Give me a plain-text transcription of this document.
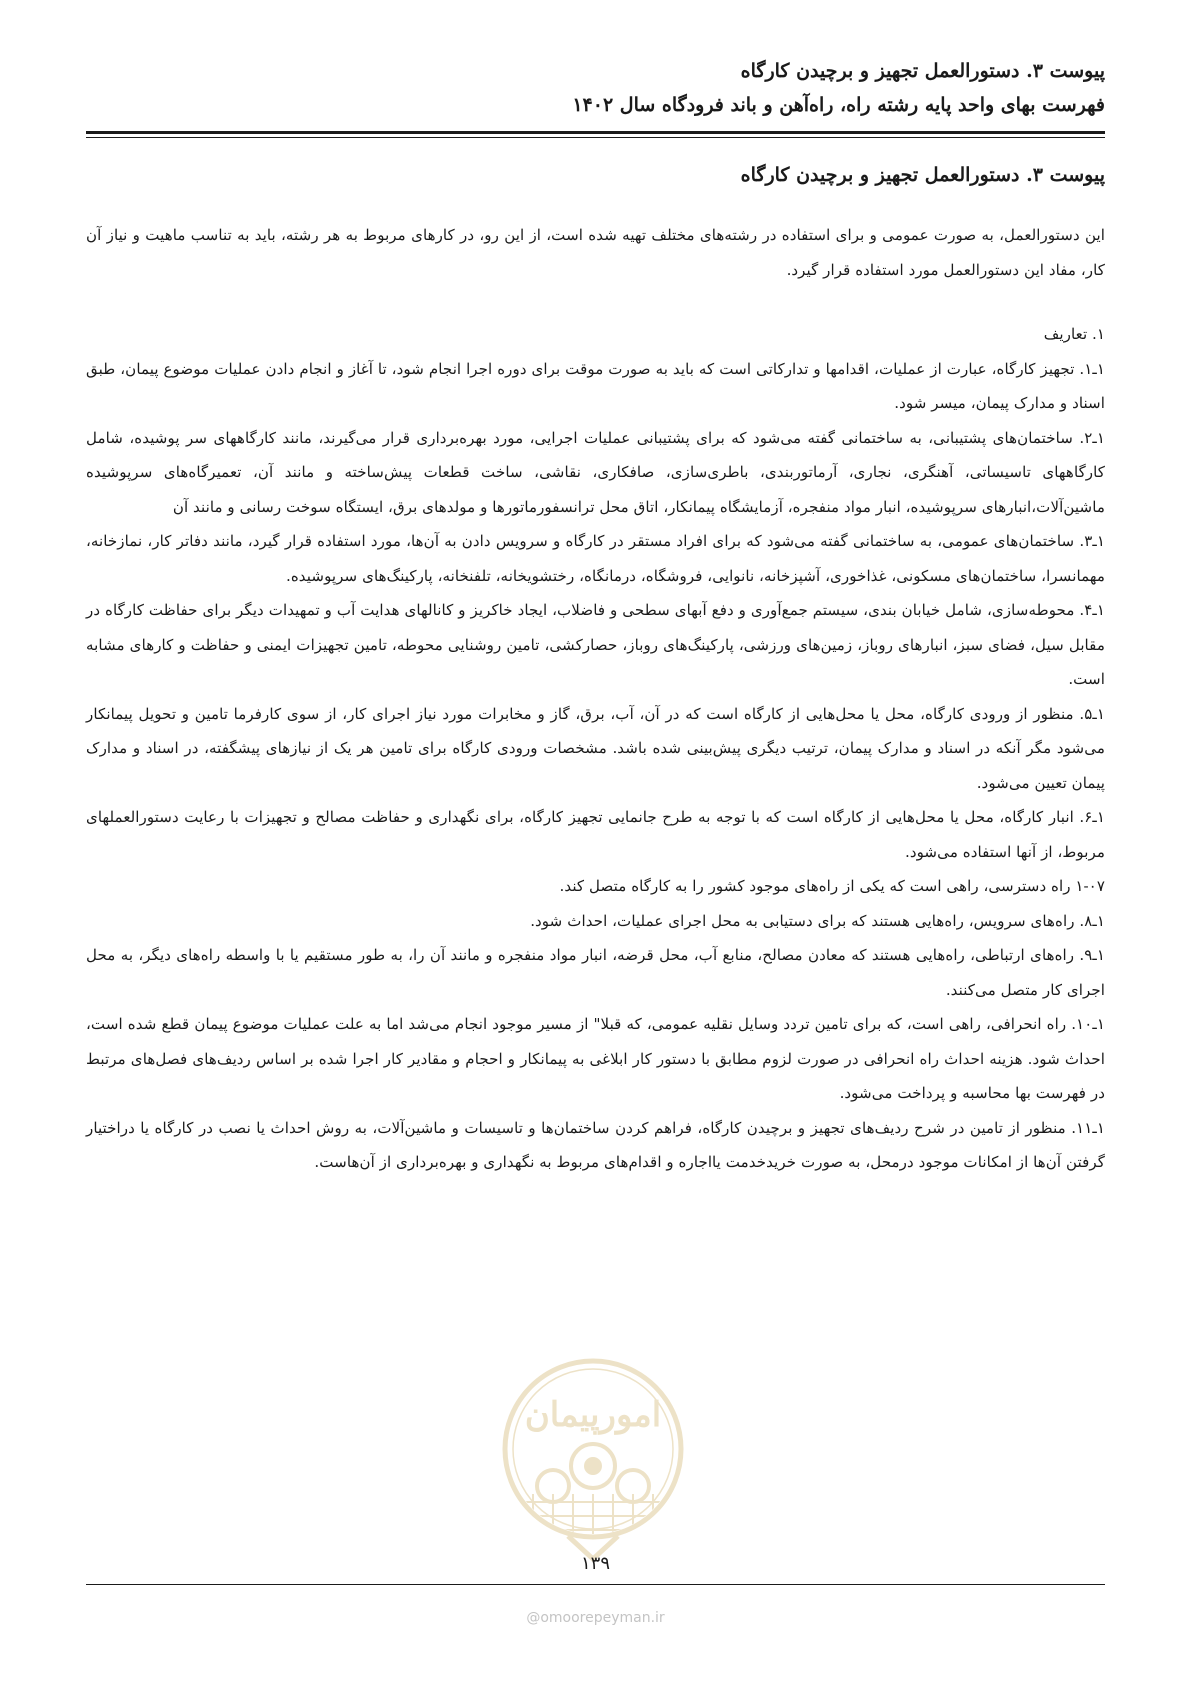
پیوست ۳. دستورالعمل تجهیز و برچیدن کارگاه
فهرست بهای واحد پایه رشته راه، راه‌آهن و باند فرودگاه سال ۱۴۰۲
پیوست ۳. دستورالعمل تجهیز و برچیدن کارگاه

این دستورالعمل، به صورت عمومی و برای استفاده در رشته‌های مختلف تهیه شده است، از این رو، در کارهای مربوط به هر رشته، باید به تناسب ماهیت و نیاز آن کار، مفاد این دستورالعمل مورد استفاده قرار گیرد.

۱. تعاریف

۱ـ۱. تجهیز کارگاه، عبارت از عملیات، اقدامها و تدارکاتی است که باید به صورت موقت برای دوره اجرا انجام شود، تا آغاز و انجام دادن عملیات موضوع پیمان، طبق اسناد و مدارک پیمان، میسر شود.

۱ـ۲. ساختمان‌های پشتیبانی، به ساختمانی گفته می‌شود که برای پشتیبانی عملیات اجرایی، مورد بهره‌برداری قرار می‌گیرند، مانند کارگاههای سر پوشیده، شامل کارگاههای تاسیساتی، آهنگری، نجاری، آرماتوربندی، باطری‌سازی، صافکاری، نقاشی، ساخت قطعات پیش‌ساخته و مانند آن، تعمیرگاه‌های سرپوشیده ماشین‌آلات،انبارهای سرپوشیده، انبار مواد منفجره، آزمایشگاه پیمانکار، اتاق محل ترانسفورماتورها و مولدهای برق، ایستگاه سوخت رسانی و مانند آن

۱ـ۳. ساختمان‌های عمومی، به ساختمانی گفته می‌شود که برای افراد مستقر در کارگاه و سرویس دادن به آن‌ها، مورد استفاده قرار گیرد، مانند دفاتر کار، نمازخانه، مهمانسرا، ساختمان‌های مسکونی، غذاخوری، آشپزخانه، نانوایی، فروشگاه، درمانگاه، رختشویخانه، تلفنخانه، پارکینگ‌های سرپوشیده.

۱ـ۴. محوطه‌سازی، شامل خیابان بندی، سیستم جمع‌آوری و دفع آبهای سطحی و فاضلاب، ایجاد خاکریز و کانالهای هدایت آب و تمهیدات دیگر برای حفاظت کارگاه در مقابل سیل، فضای سبز، انبارهای روباز، زمین‌های ورزشی، پارکینگ‌های روباز، حصارکشی، تامین روشنایی محوطه، تامین تجهیزات ایمنی و حفاظت و کارهای مشابه است.

۱ـ۵. منظور از ورودی کارگاه، محل یا محل‌هایی از کارگاه است که در آن، آب، برق، گاز و مخابرات مورد نیاز اجرای کار، از سوی کارفرما تامین و تحویل پیمانکار می‌شود مگر آنکه در اسناد و مدارک پیمان، ترتیب دیگری پیش‌بینی شده باشد. مشخصات ورودی کارگاه برای تامین هر یک از نیازهای پیشگفته، در اسناد و مدارک پیمان تعیین می‌شود.

۱ـ۶. انبار کارگاه، محل یا محل‌هایی از کارگاه است که با توجه به طرح جانمایی تجهیز کارگاه، برای نگهداری و حفاظت مصالح و تجهیزات با رعایت دستورالعملهای مربوط، از آنها استفاده می‌شود.

۱-۰۷ راه دسترسی، راهی است که یکی از راه‌های موجود کشور را به کارگاه متصل کند.

۱ـ۸. راه‌های سرویس، راه‌هایی هستند که برای دستیابی به محل اجرای عملیات، احداث شود.

۱ـ۹. راه‌های ارتباطی، راه‌هایی هستند که معادن مصالح، منابع آب، محل قرضه، انبار مواد منفجره و مانند آن را، به طور مستقیم یا با واسطه راه‌های دیگر، به محل اجرای کار متصل می‌کنند.

۱ـ۱۰. راه انحرافی، راهی است، که برای تامین تردد وسایل نقلیه عمومی، که قبلا" از مسیر موجود انجام می‌شد اما به علت عملیات موضوع پیمان قطع شده است، احداث شود. هزینه احداث راه انحرافی در صورت لزوم مطابق با دستور کار ابلاغی به پیمانکار و احجام و مقادیر کار اجرا شده بر اساس ردیف‌های فصل‌های مرتبط در فهرست بها محاسبه و پرداخت می‌شود.

۱ـ۱۱. منظور از تامین در شرح ردیف‌های تجهیز و برچیدن کارگاه، فراهم کردن ساختمان‌ها و تاسیسات و ماشین‌آلات، به روش احداث یا نصب در کارگاه یا دراختیار گرفتن آن‌ها از امکانات موجود درمحل، به صورت خریدخدمت یااجاره و اقدام‌های مربوط به نگهداری و بهره‌برداری از آن‌هاست.

امورپیمان
۱۳۹
@omoorepeyman.ir
